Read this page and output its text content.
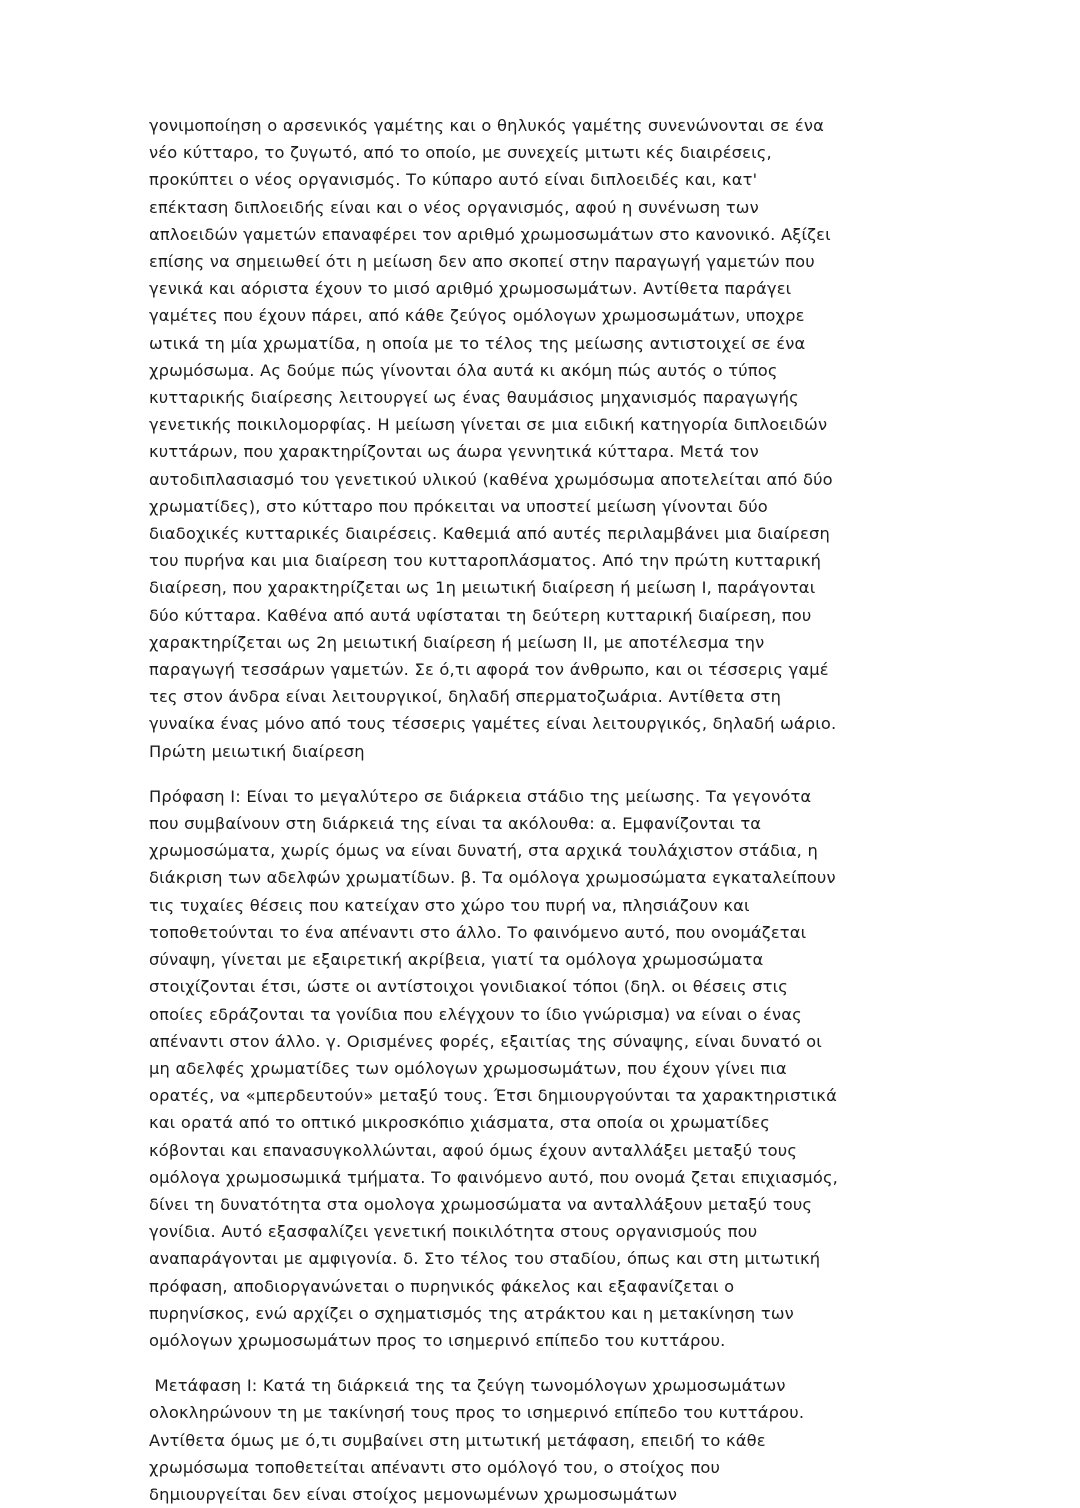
γονιμοποίηση ο αρσενικός γαμέτης και ο θηλυκός γαμέτης συνενώνονται σε ένα νέο κύτταρο, το ζυγωτό, από το οποίο, με συνεχείς μιτωτι κές διαιρέσεις, προκύπτει ο νέος οργανισμός. Το κύπαρο αυτό είναι διπλοειδές και, κατ' επέκταση διπλοειδής είναι και ο νέος οργανισμός, αφού η συνένωση των απλοειδών γαμετών επαναφέρει τον αριθμό χρωμοσωμάτων στο κανονικό. Αξίζει επίσης να σημειωθεί ότι η μείωση δεν απο σκοπεί στην παραγωγή γαμετών που γενικά και αόριστα έχουν το μισό αριθμό χρωμοσωμάτων. Αντίθετα παράγει γαμέτες που έχουν πάρει, από κάθε ζεύγος ομόλογων χρωμοσωμάτων, υποχρε ωτικά τη μία χρωματίδα, η οποία με το τέλος της μείωσης αντιστοιχεί σε ένα χρωμόσωμα. Ας δούμε πώς γίνονται όλα αυτά κι ακόμη πώς αυτός ο τύπος κυτταρικής διαίρεσης λειτουργεί ως ένας θαυμάσιος μηχανισμός παραγωγής γενετικής ποικιλομορφίας. Η μείωση γίνεται σε μια ειδική κατηγορία διπλοειδών κυττάρων, που χαρακτηρίζονται ως άωρα γεννητικά κύτταρα. Μετά τον αυτοδιπλασιασμό του γενετικού υλικού (καθένα χρωμόσωμα αποτελείται από δύο χρωματίδες), στο κύτταρο που πρόκειται να υποστεί μείωση γίνονται δύο διαδοχικές κυτταρικές διαιρέσεις. Καθεμιά από αυτές περιλαμβάνει μια διαίρεση του πυρήνα και μια διαίρεση του κυτταροπλάσματος. Από την πρώτη κυτταρική διαίρεση, που χαρακτηρίζεται ως 1η μειωτική διαίρεση ή μείωση I, παράγονται δύο κύτταρα. Καθένα από αυτά υφίσταται τη δεύτερη κυτταρική διαίρεση, που χαρακτηρίζεται ως 2η μειωτική διαίρεση ή μείωση II, με αποτέλεσμα την παραγωγή τεσσάρων γαμετών. Σε ό,τι αφορά τον άνθρωπο, και οι τέσσερις γαμέ τες στον άνδρα είναι λειτουργικοί, δηλαδή σπερματοζωάρια. Αντίθετα στη γυναίκα ένας μόνο από τους τέσσερις γαμέτες είναι λειτουργικός, δηλαδή ωάριο. Πρώτη μειωτική διαίρεση

Πρόφαση I: Είναι το μεγαλύτερο σε διάρκεια στάδιο της μείωσης. Τα γεγονότα που συμβαίνουν στη διάρκειά της είναι τα ακόλουθα: α. Εμφανίζονται τα χρωμοσώματα, χωρίς όμως να είναι δυνατή, στα αρχικά τουλάχιστον στάδια, η διάκριση των αδελφών χρωματίδων. β. Τα ομόλογα χρωμοσώματα εγκαταλείπουν τις τυχαίες θέσεις που κατείχαν στο χώρο του πυρή να, πλησιάζουν και τοποθετούνται το ένα απέναντι στο άλλο. Το φαινόμενο αυτό, που ονομάζεται σύναψη, γίνεται με εξαιρετική ακρίβεια, γιατί τα ομόλογα χρωμοσώματα στοιχίζονται έτσι, ώστε οι αντίστοιχοι γονιδιακοί τόποι (δηλ. οι θέσεις στις οποίες εδράζονται τα γονίδια που ελέγχουν το ίδιο γνώρισμα) να είναι ο ένας απέναντι στον άλλο. γ. Ορισμένες φορές, εξαιτίας της σύναψης, είναι δυνατό οι μη αδελφές χρωματίδες των ομόλογων χρωμοσωμάτων, που έχουν γίνει πια ορατές, να «μπερδευτούν» μεταξύ τους. Έτσι δημιουργούνται τα χαρακτηριστικά και ορατά από το οπτικό μικροσκόπιο χιάσματα, στα οποία οι χρωματίδες κόβονται και επανασυγκολλώνται, αφού όμως έχουν ανταλλάξει μεταξύ τους ομόλογα χρωμοσωμικά τμήματα. Το φαινόμενο αυτό, που ονομά ζεται επιχιασμός, δίνει τη δυνατότητα στα ομολογα χρωμοσώματα να ανταλλάξουν μεταξύ τους γονίδια. Αυτό εξασφαλίζει γενετική ποικιλότητα στους οργανισμούς που αναπαράγονται με αμφιγονία. δ. Στο τέλος του σταδίου, όπως και στη μιτωτική πρόφαση, αποδιοργανώνεται ο πυρηνικός φάκελος και εξαφανίζεται ο πυρηνίσκος, ενώ αρχίζει ο σχηματισμός της ατράκτου και η μετακίνηση των ομόλογων χρωμοσωμάτων προς το ισημερινό επίπεδο του κυττάρου.

Μετάφαση I: Κατά τη διάρκειά της τα ζεύγη τωνομόλογων χρωμοσωμάτων ολοκληρώνουν τη με τακίνησή τους προς το ισημερινό επίπεδο του κυττάρου. Αντίθετα όμως με ό,τι συμβαίνει στη μιτωτική μετάφαση, επειδή το κάθε χρωμόσωμα τοποθετείται απέναντι στο ομόλογό του, ο στοίχος που δημιουργείται δεν είναι στοίχος μεμονωμένων χρωμοσωμάτων
